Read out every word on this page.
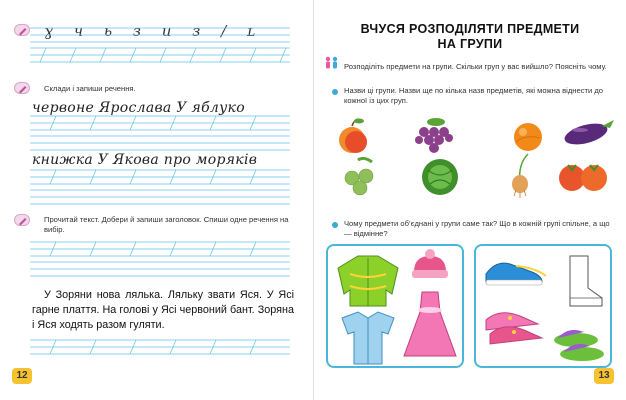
ɣ ч ь з и з / ʟ
Склади і запиши речення.
червоне Ярослава У яблуко
книжка У Якова про моряків
Прочитай текст. Добери й запиши заголовок. Спиши одне речення на вибір.
У Зоряни нова лялька. Ляльку звати Яся. У Ясі гарне плаття. На голові у Ясі червоний бант. Зоряна і Яся ходять разом гуляти.
12
ВЧУСЯ РОЗПОДІЛЯТИ ПРЕДМЕТИ
НА ГРУПИ
Розподіліть предмети на групи. Скільки груп у вас вийшло? Поясніть чому.
Назви ці групи. Назви ще по кілька назв предметів, які можна віднести до кожної із цих груп.
Чому предмети об’єднані у групи саме так? Що в кожній групі спільне, а що — відмінне?
13
